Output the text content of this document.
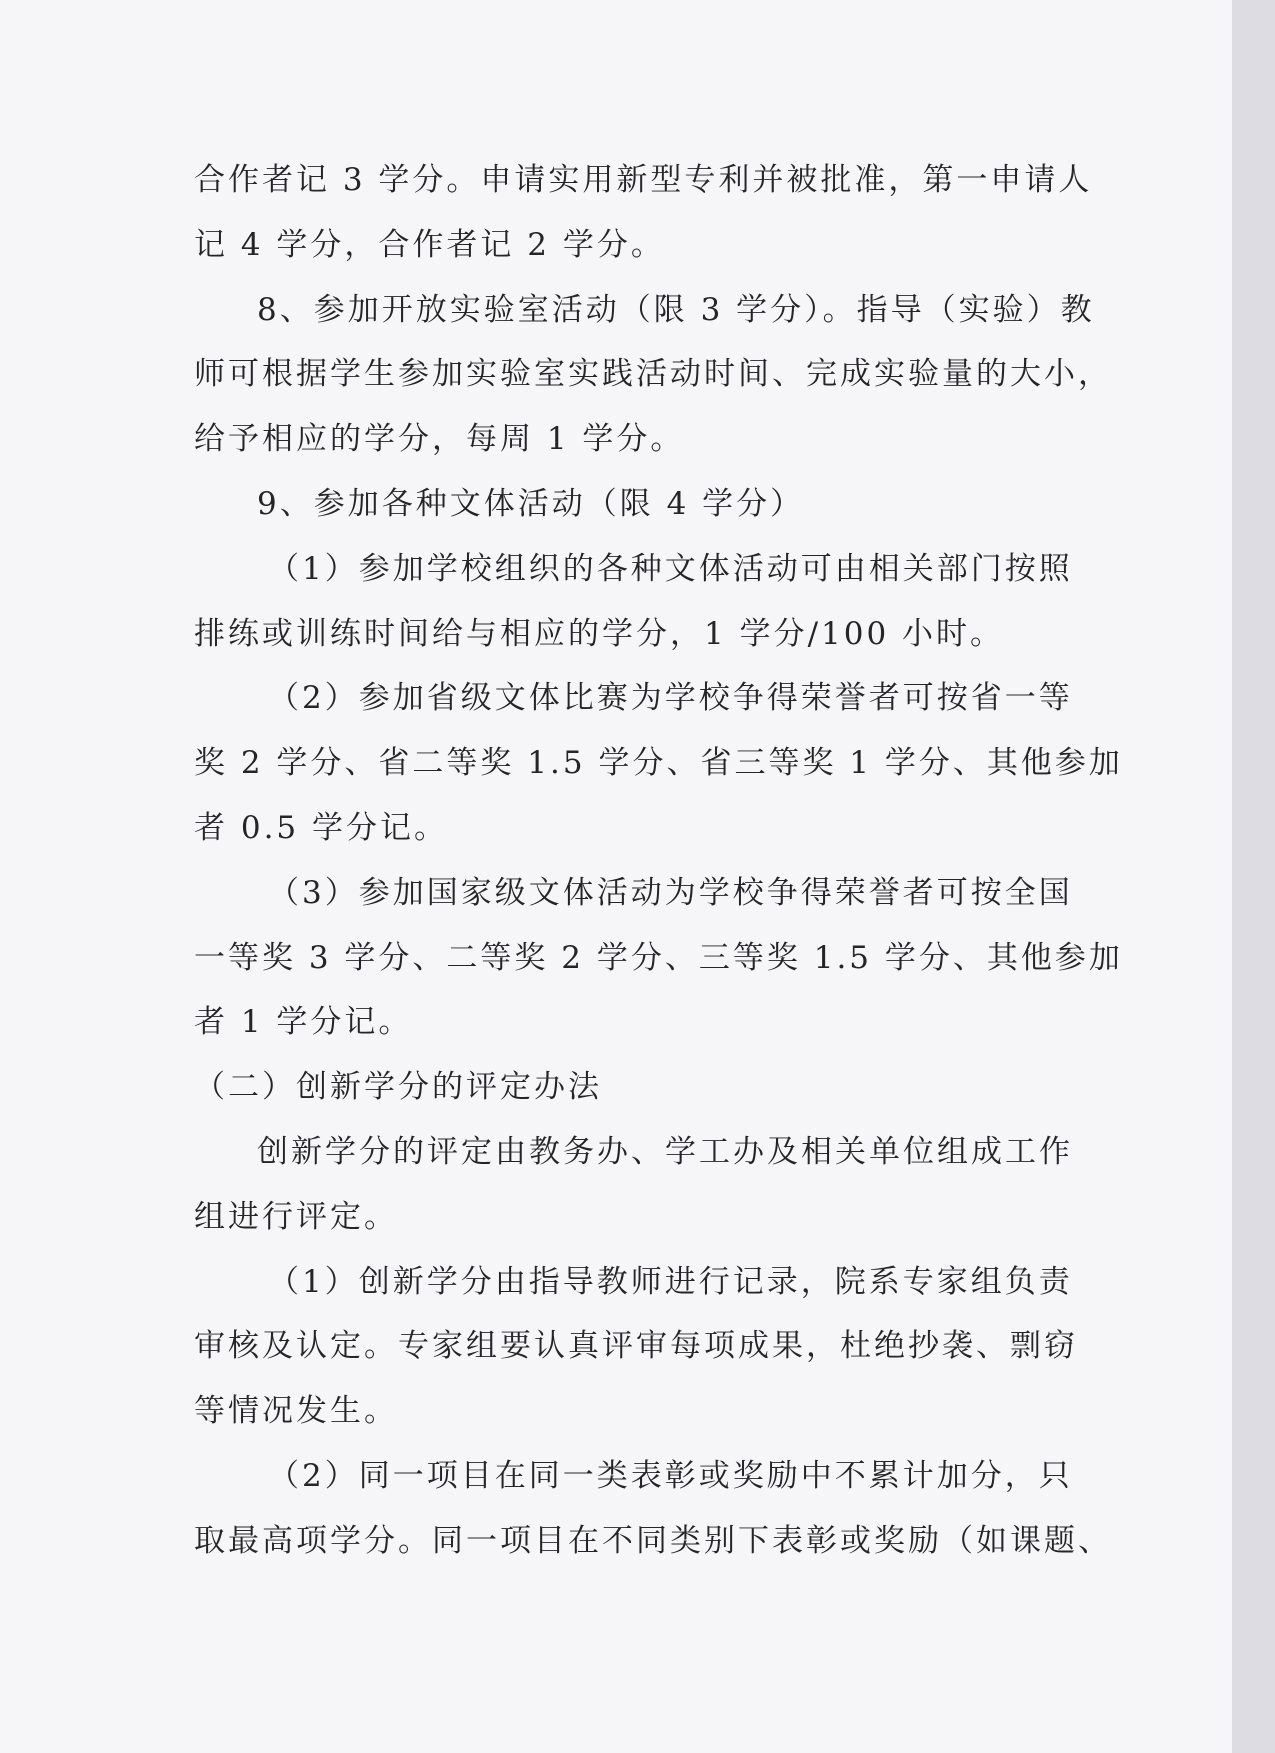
合作者记 3 学分。申请实用新型专利并被批准，第一申请人
记 4 学分，合作者记 2 学分。
8、参加开放实验室活动（限 3 学分）。指导（实验）教
师可根据学生参加实验室实践活动时间、完成实验量的大小，
给予相应的学分，每周 1 学分。
9、参加各种文体活动（限 4 学分）
（1）参加学校组织的各种文体活动可由相关部门按照
排练或训练时间给与相应的学分，1 学分/100 小时。
（2）参加省级文体比赛为学校争得荣誉者可按省一等
奖 2 学分、省二等奖 1.5 学分、省三等奖 1 学分、其他参加
者 0.5 学分记。
（3）参加国家级文体活动为学校争得荣誉者可按全国
一等奖 3 学分、二等奖 2 学分、三等奖 1.5 学分、其他参加
者 1 学分记。
（二）创新学分的评定办法
创新学分的评定由教务办、学工办及相关单位组成工作
组进行评定。
（1）创新学分由指导教师进行记录，院系专家组负责
审核及认定。专家组要认真评审每项成果，杜绝抄袭、剽窃
等情况发生。
（2）同一项目在同一类表彰或奖励中不累计加分，只
取最高项学分。同一项目在不同类别下表彰或奖励（如课题、
